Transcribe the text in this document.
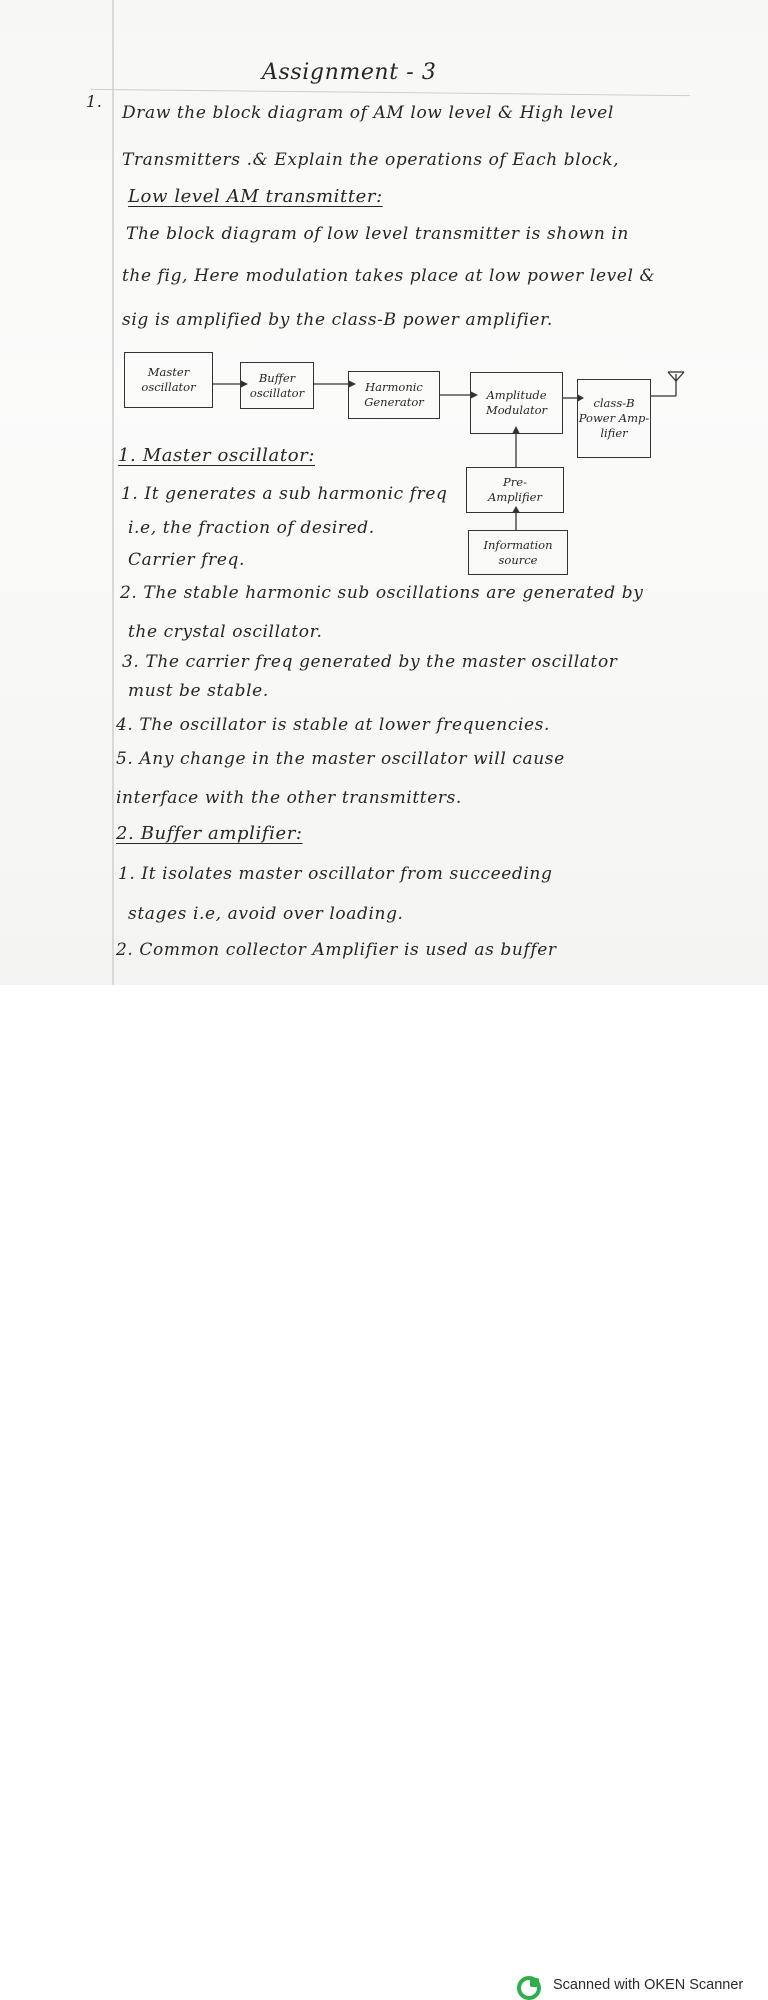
Assignment - 3
1.
Draw the block diagram of AM low level & High level
Transmitters .& Explain the operations of Each block,
Low level AM transmitter:
The block diagram of low level transmitter is shown in
the fig, Here modulation takes place at low power level &
sig is amplified by the class-B power amplifier.
Master
oscillator
Buffer
oscillator	Harmonic
Generator	Amplitude
Modulator	class-B
Power Amp-
lifier
Pre-
Amplifier
Information
source
1. Master oscillator:
1. It generates a sub harmonic freq
i.e, the fraction of desired.
Carrier freq.
2. The stable harmonic sub oscillations are generated by
the crystal oscillator.
3. The carrier freq generated by the master oscillator
must be stable.
4. The oscillator is stable at lower frequencies.
5. Any change in the master oscillator will cause
interface with the other transmitters.
2. Buffer amplifier:
1. It isolates master oscillator from succeeding
stages i.e, avoid over loading.
2. Common collector Amplifier is used as buffer
Scanned with OKEN Scanner
